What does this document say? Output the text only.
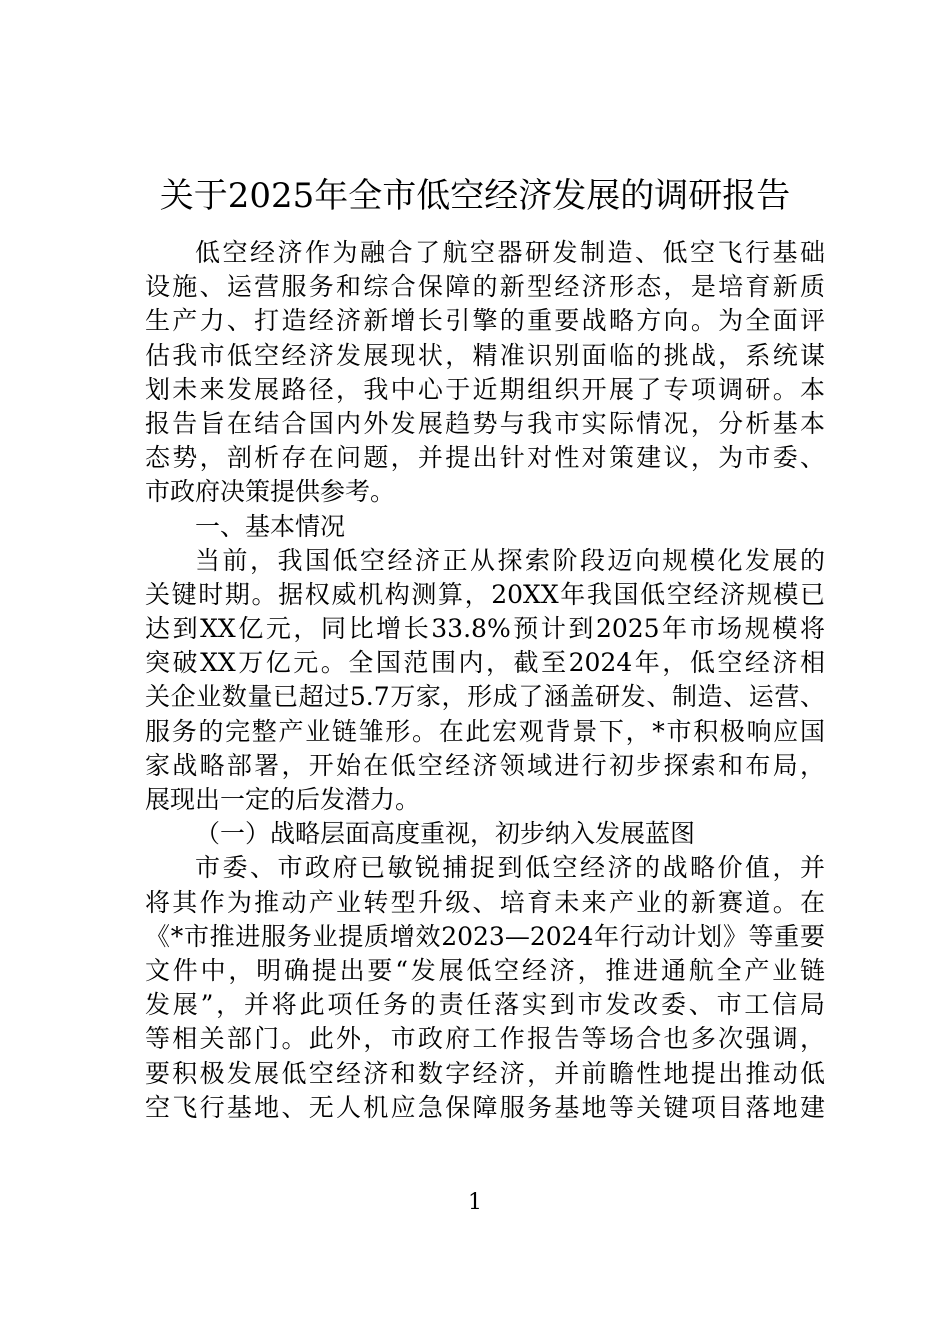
关于2025年全市低空经济发展的调研报告
低空经济作为融合了航空器研发制造、低空飞行基础
设施、运营服务和综合保障的新型经济形态，是培育新质
生产力、打造经济新增长引擎的重要战略方向。为全面评
估我市低空经济发展现状，精准识别面临的挑战，系统谋
划未来发展路径，我中心于近期组织开展了专项调研。本
报告旨在结合国内外发展趋势与我市实际情况，分析基本
态势，剖析存在问题，并提出针对性对策建议，为市委、
市政府决策提供参考。
一、基本情况
当前，我国低空经济正从探索阶段迈向规模化发展的
关键时期。据权威机构测算，20XX年我国低空经济规模已
达到XX亿元，同比增长33.8%预计到2025年市场规模将
突破XX万亿元。全国范围内，截至2024年，低空经济相
关企业数量已超过5.7万家，形成了涵盖研发、制造、运营、
服务的完整产业链雏形。在此宏观背景下，*市积极响应国
家战略部署，开始在低空经济领域进行初步探索和布局，
展现出一定的后发潜力。
（一）战略层面高度重视，初步纳入发展蓝图
市委、市政府已敏锐捕捉到低空经济的战略价值，并
将其作为推动产业转型升级、培育未来产业的新赛道。在
《*市推进服务业提质增效2023—2024年行动计划》等重要
文件中，明确提出要“发展低空经济，推进通航全产业链
发展”，并将此项任务的责任落实到市发改委、市工信局
等相关部门。此外，市政府工作报告等场合也多次强调，
要积极发展低空经济和数字经济，并前瞻性地提出推动低
空飞行基地、无人机应急保障服务基地等关键项目落地建
1
